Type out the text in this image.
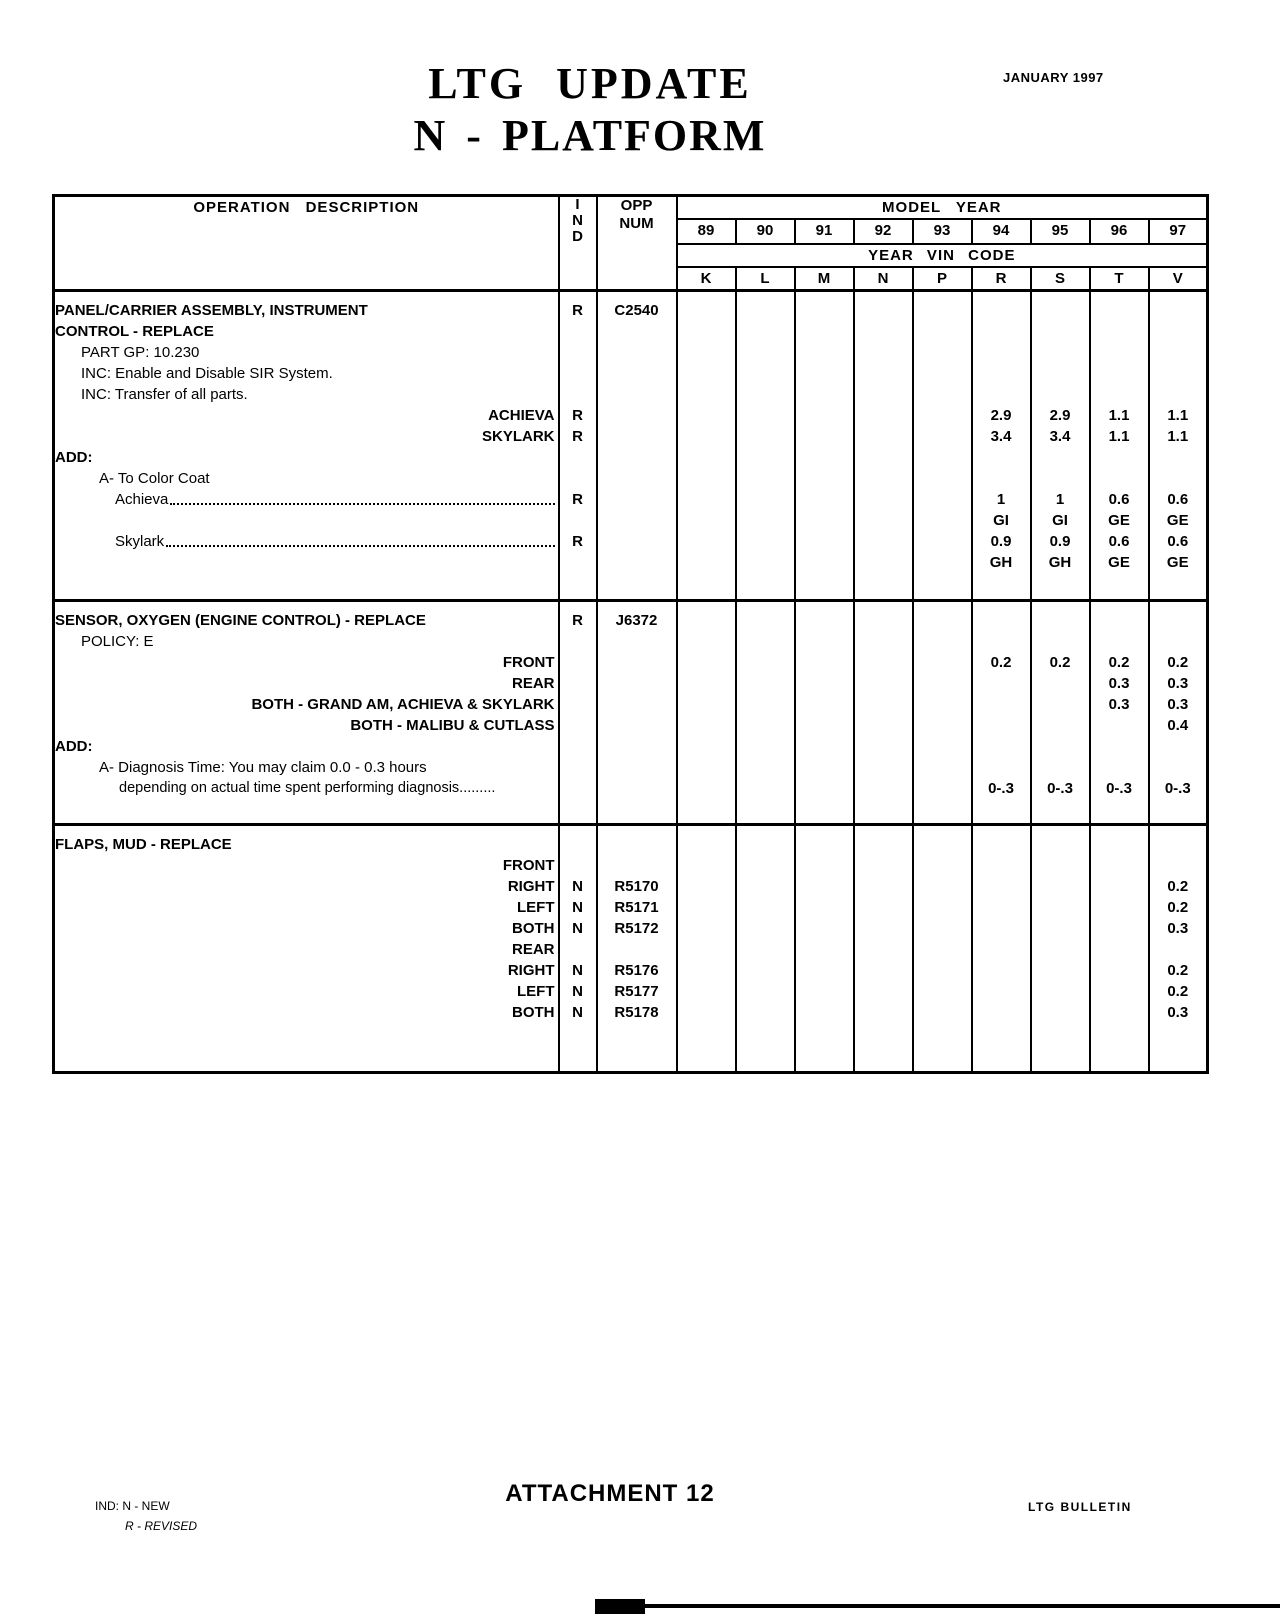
LTG UPDATE
N - PLATFORM
JANUARY 1997
OPERATION DESCRIPTION	I
N
D

OPP
NUM
	MODEL YEAR
			89	90	91	92	93	94	95	96	97
			YEAR VIN CODE								
			K	L	M	N	P	R	S	T	V
PANEL/CARRIER ASSEMBLY, INSTRUMENT	R	C2540									
CONTROL - REPLACE											
PART GP: 10.230											
INC: Enable and Disable SIR System.											
INC: Transfer of all parts.											
ACHIEVA	R							2.9	2.9	1.1	1.1
SKYLARK	R							3.4	3.4	1.1	1.1
ADD:											
A- To Color Coat											

Achieva	R							1	1	0.6	0.6
								GI	GI	GE	GE

Skylark	R							0.9	0.9	0.6	0.6
								GH	GH	GE	GE
SENSOR, OXYGEN (ENGINE CONTROL) - REPLACE	R	J6372									
POLICY: E											
FRONT								0.2	0.2	0.2	0.2
REAR										0.3	0.3
BOTH - GRAND AM, ACHIEVA & SKYLARK										0.3	0.3
BOTH - MALIBU & CUTLASS											0.4
ADD:											
A- Diagnosis Time: You may claim 0.0 - 0.3 hours											
depending on actual time spent performing diagnosis.........								0-.3	0-.3	0-.3	0-.3
FLAPS, MUD - REPLACE											
FRONT											
RIGHT	N	R5170									0.2
LEFT	N	R5171									0.2
BOTH	N	R5172									0.3
REAR											
RIGHT	N	R5176									0.2
LEFT	N	R5177									0.2
BOTH	N	R5178									0.3
IND: N - NEW
R - REVISED
ATTACHMENT 12	LTG BULLETIN
